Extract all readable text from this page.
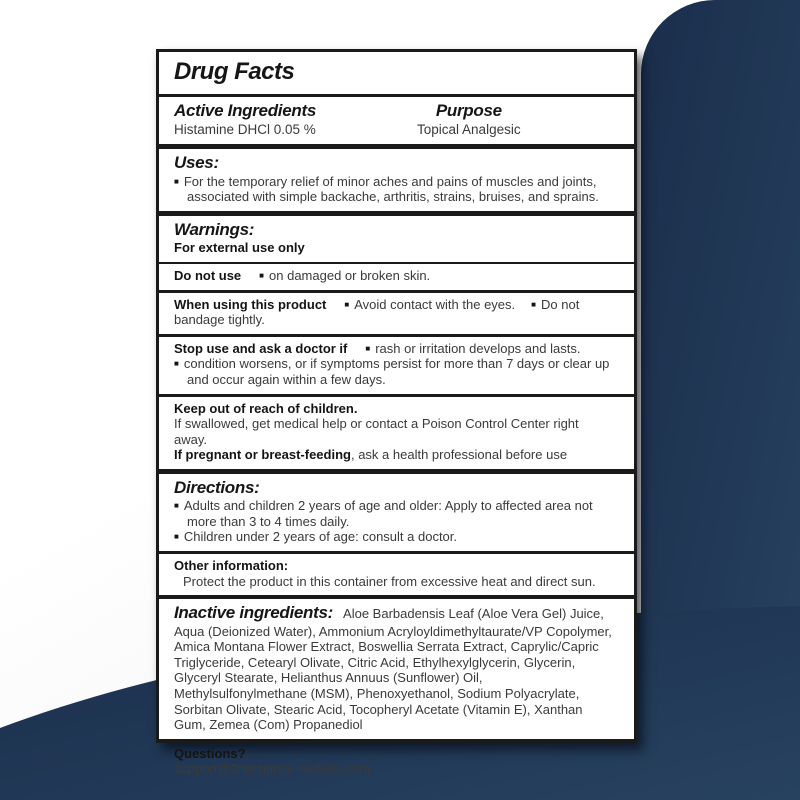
Drug Facts
Active Ingredients
Histamine DHCl 0.05 %
Purpose
Topical Analgesic
Uses:

■ For the temporary relief of minor aches and pains of muscles and joints, associated with simple backache, arthritis, strains, bruises, and sprains.

Warnings:
For external use only

Do not use ■ on damaged or broken skin.

When using this product ■ Avoid contact with the eyes. ■ Do not bandage tightly.

Stop use and ask a doctor if ■ rash or irritation develops and lasts.

■ condition worsens, or if symptoms persist for more than 7 days or clear up and occur again within a few days.

Keep out of reach of children.

If swallowed, get medical help or contact a Poison Control Center right away.

If pregnant or breast-feeding, ask a health professional before use

Directions:

■ Adults and children 2 years of age and older: Apply to affected area not more than 3 to 4 times daily.

■ Children under 2 years of age: consult a doctor.

Other information:

Protect the product in this container from excessive heat and direct sun.

Inactive ingredients: Aloe Barbadensis Leaf (Aloe Vera Gel) Juice, Aqua (Deionized Water), Ammonium Acryloyldimethyltaurate/VP Copolymer, Amica Montana Flower Extract, Boswellia Serrata Extract, Caprylic/Capric Triglyceride, Cetearyl Olivate, Citric Acid, Ethylhexylglycerin, Glycerin, Glyceryl Stearate, Helianthus Annuus (Sunflower) Oil, Methylsulfonylmethane (MSM), Phenoxyethanol, Sodium Polyacrylate, Sorbitan Olivate, Stearic Acid, Tocopheryl Acetate (Vitamin E), Xanthan Gum, Zemea (Com) Propanediol

Questions?

support@2ndchance-mobility.com
